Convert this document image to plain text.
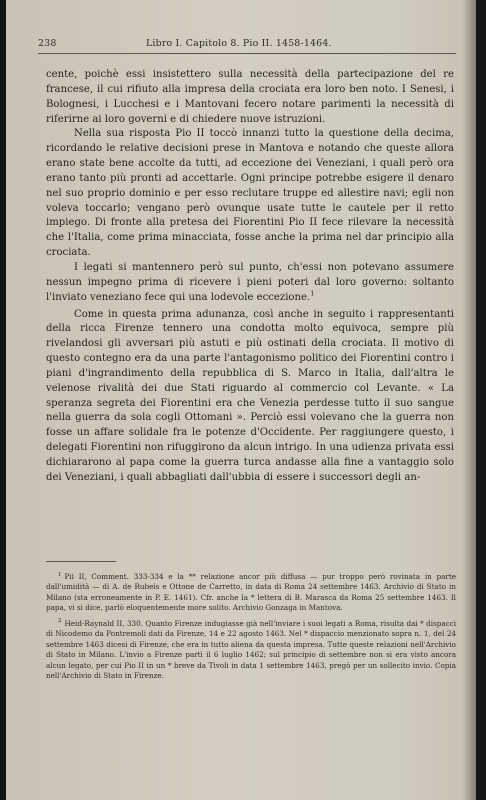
238	Libro I. Capitolo 8. Pio II. 1458-1464.

cente, poichè essi insistettero sulla necessità della partecipazione del re francese, il cui rifiuto alla impresa della crociata era loro ben noto. I Senesi, i Bolognesi, i Lucchesi e i Mantovani fecero notare parimenti la necessità di riferirne ai loro governi e di chiedere nuove istruzioni.

Nella sua risposta Pio II toccò innanzi tutto la questione della decima, ricordando le relative decisioni prese in Mantova e notando che queste allora erano state bene accolte da tutti, ad eccezione dei Veneziani, i quali però ora erano tanto più pronti ad accettarle. Ogni principe potrebbe esigere il denaro nel suo proprio dominio e per esso reclutare truppe ed allestire navi; egli non voleva toccarlo; vengano però ovunque usate tutte le cautele per il retto impiego. Di fronte alla pretesa dei Fiorentini Pio II fece rilevare la necessità che l'Italia, come prima minacciata, fosse anche la prima nel dar principio alla crociata.

I legati si mantennero però sul punto, ch'essi non potevano assumere nessun impegno prima di ricevere i pieni poteri dal loro governo: soltanto l'inviato veneziano fece qui una lodevole eccezione.$^1$

Come in questa prima adunanza, così anche in seguito i rappresentanti della ricca Firenze tennero una condotta molto equivoca, sempre più rivelandosi gli avversari più astuti e più ostinati della crociata. Il motivo di questo contegno era da una parte l'antagonismo politico dei Fiorentini contro i piani d'ingrandimento della repubblica di S. Marco in Italia, dall'altra le velenose rivalità dei due Stati riguardo al commercio col Levante. « La speranza segreta dei Fiorentini era che Venezia perdesse tutto il suo sangue nella guerra da sola cogli Ottomani ». Perciò essi volevano che la guerra non fosse un affare solidale fra le potenze d'Occidente. Per raggiungere questo, i delegati Fiorentini non rifuggirono da alcun intrigo. In una udienza privata essi dichiararono al papa come la guerra turca andasse alla fine a vantaggio solo dei Veneziani, i quali abbagliati dall'ubbia di essere i successori degli an-

$^1$ Pii II, Comment. 333-334 e la ** relazione ancor più diffusa — pur troppo però rovinata in parte dall'umidità — di A. de Rubeis e Ottone de Carretto, in data di Roma 24 settembre 1463. Archivio di Stato in Milano (sta erroneamente in P. E. 1461). Cfr. anche la * lettera di B. Marasca da Roma 25 settembre 1463. Il papa, vi si dice, parlò eloquentemente more solito. Archivio Gonzaga in Mantova.

$^2$ Heid-Raynald II, 330. Quanto Firenze indugiasse già nell'inviare i suoi legati a Roma, risulta dai * dispacci di Nicodemo da Pontremoli dati da Firenze, 14 e 22 agosto 1463. Nel * dispaccio menzionato sopra n. 1, del 24 settembre 1463 dicesi di Firenze, che era in tutto aliena da questa impresa. Tutte queste relazioni nell'Archivio di Stato in Milano. L'invio a Firenze partì il 6 luglio 1462; sul principio di settembre non si era visto ancora alcun legato, per cui Pio II in un * breve da Tivoli in data 1 settembre 1463, pregò per un sollecito invio. Copia nell'Archivio di Stato in Firenze.
